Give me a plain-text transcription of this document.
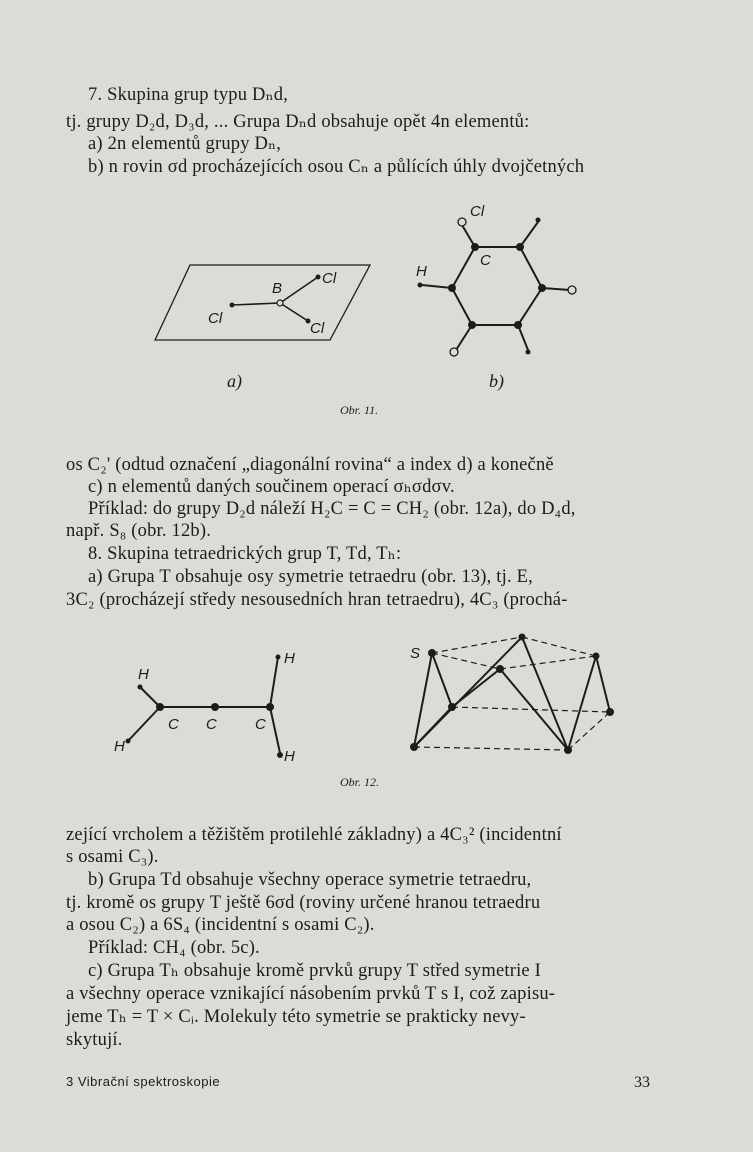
7. Skupina grup typu Dₙd,
tj. grupy D₂d, D₃d, ... Grupa Dₙd obsahuje opět 4n elementů:
a) 2n elementů grupy Dₙ,
b) n rovin σd procházejících osou Cₙ a půlících úhly dvojčetných
B
Cl
Cl
Cl
Cl
C
H
a)	b)
Obr. 11.
os C₂' (odtud označení „diagonální rovina“ a index d) a konečně
c) n elementů daných součinem operací σₕσdσv.
Příklad: do grupy D₂d náleží H₂C = C = CH₂ (obr. 12a), do D₄d,
např. S₈ (obr. 12b).
8. Skupina tetraedrických grup T, Td, Tₕ:
a) Grupa T obsahuje osy symetrie tetraedru (obr. 13), tj. E,
3C₂ (procházejí středy nesousedních hran tetraedru), 4C₃ (prochá-
H
H
H
H
C C	C
S
Obr. 12.
zející vrcholem a těžištěm protilehlé základny) a 4C₃² (incidentní
s osami C₃).
b) Grupa Td obsahuje všechny operace symetrie tetraedru,
tj. kromě os grupy T ještě 6σd (roviny určené hranou tetraedru
a osou C₂) a 6S₄ (incidentní s osami C₂).
Příklad: CH₄ (obr. 5c).
c) Grupa Tₕ obsahuje kromě prvků grupy T střed symetrie I
a všechny operace vznikající násobením prvků T s I, což zapisu-
jeme Tₕ = T × Cᵢ. Molekuly této symetrie se prakticky nevy-
skytují.
3 Vibrační spektroskopie	33
